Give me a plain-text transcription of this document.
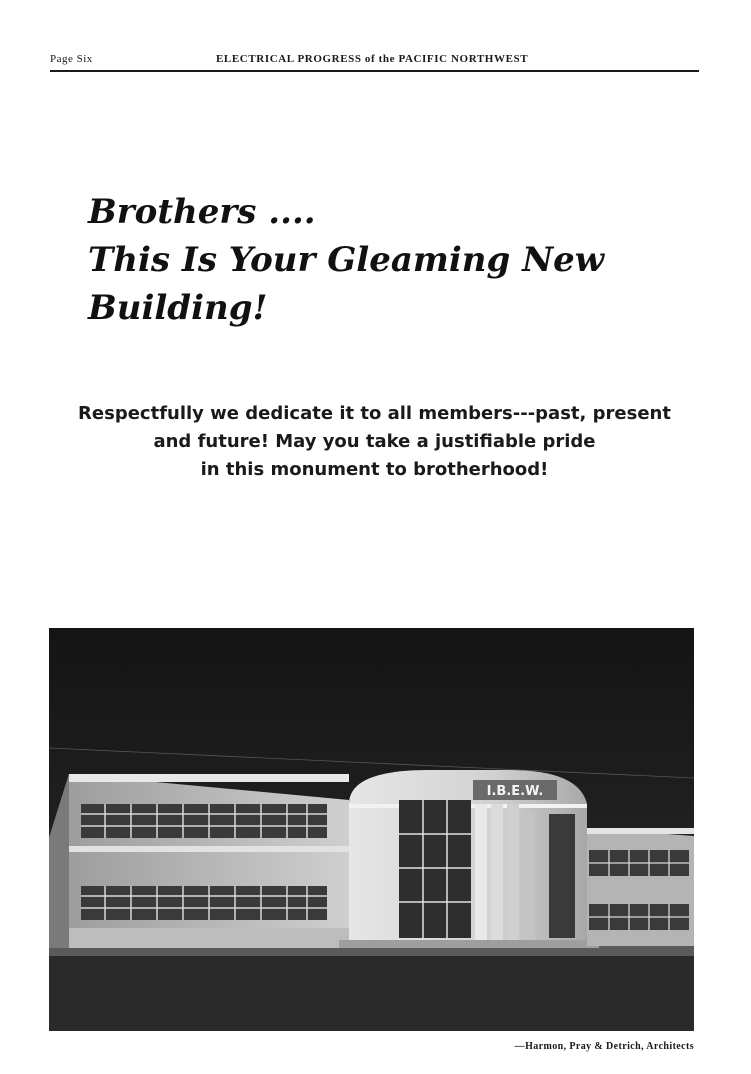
Page Six	ELECTRICAL PROGRESS of the PACIFIC NORTHWEST
Brothers ....
This Is Your Gleaming New Building!
Respectfully we dedicate it to all members---past, present
and future! May you take a justifiable pride
in this monument to brotherhood!
I.B.E.W.
—Harmon, Pray & Detrich, Architects
